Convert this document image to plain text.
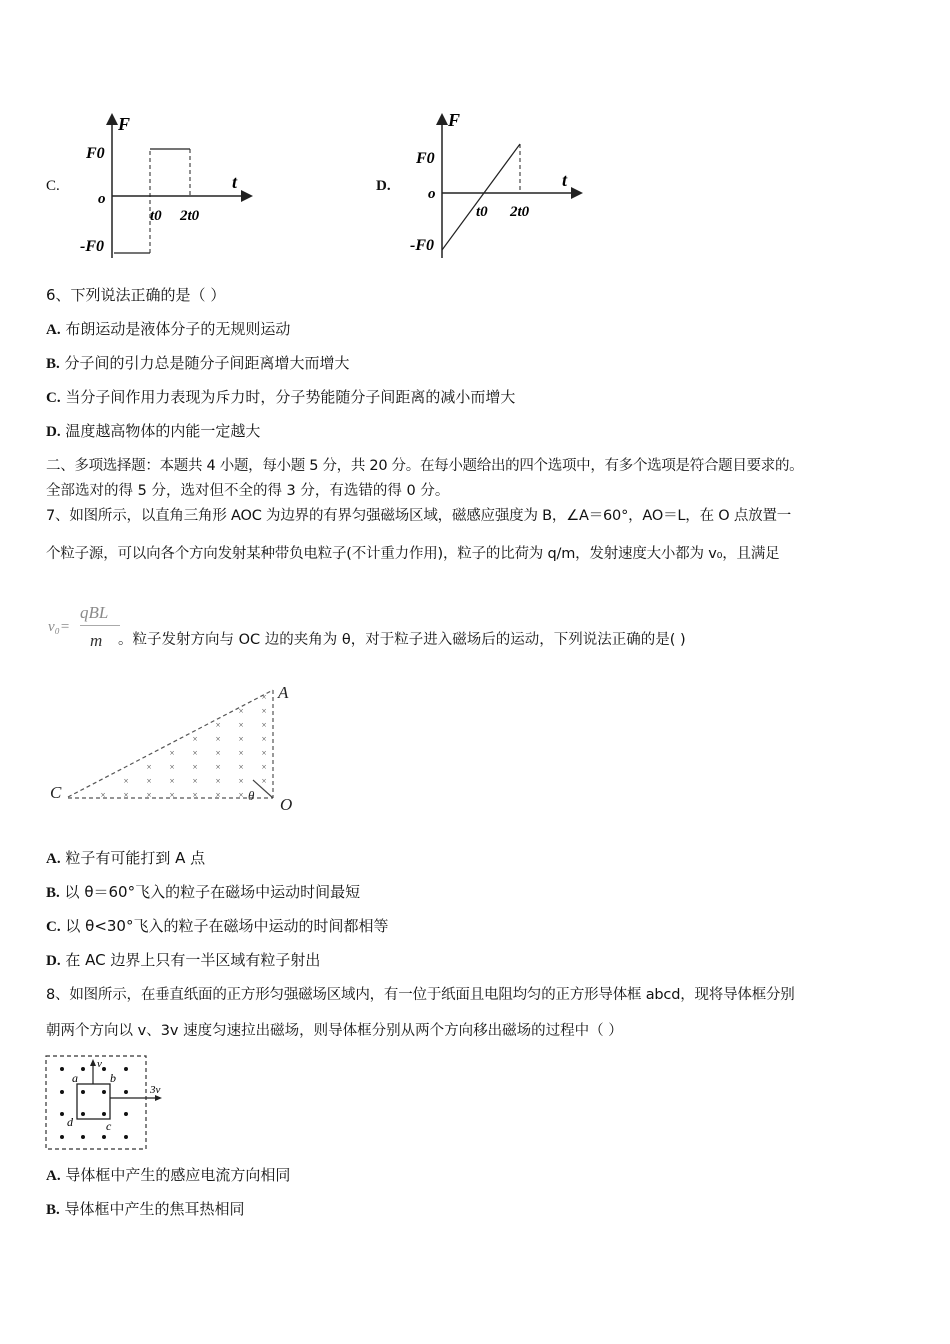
C.
F
F0
o
-F0
t
t0 2t0
D.
F
F0
o
-F0
t
t0 2t0
6、下列说法正确的是（ ）
A. 布朗运动是液体分子的无规则运动
B. 分子间的引力总是随分子间距离增大而增大
C. 当分子间作用力表现为斥力时，分子势能随分子间距离的减小而增大
D. 温度越高物体的内能一定越大
二、多项选择题：本题共 4 小题，每小题 5 分，共 20 分。在每小题给出的四个选项中，有多个选项是符合题目要求的。
全部选对的得 5 分，选对但不全的得 3 分，有选错的得 0 分。
7、如图所示，以直角三角形 AOC 为边界的有界匀强磁场区域，磁感应强度为 B，∠A＝60°，AO＝L，在 O 点放置一
个粒子源，可以向各个方向发射某种带负电粒子(不计重力作用)，粒子的比荷为 q/m，发射速度大小都为 v₀，且满足
v₀=
qBL
m 。粒子发射方向与 OC 边的夹角为 θ，对于粒子进入磁场后的运动，下列说法正确的是( )
× × × × × × ×
× × × × × × ×
× × × × × ×
× × × × ×
× × × ×
× × ×
× ×
× A
C
O
θ
A. 粒子有可能打到 A 点
B. 以 θ＝60°飞入的粒子在磁场中运动时间最短
C. 以 θ<30°飞入的粒子在磁场中运动的时间都相等
D. 在 AC 边界上只有一半区域有粒子射出
8、如图所示，在垂直纸面的正方形匀强磁场区域内，有一位于纸面且电阻均匀的正方形导体框 abcd，现将导体框分别
朝两个方向以 v、3v 速度匀速拉出磁场，则导体框分别从两个方向移出磁场的过程中（ ）
a	b
c
d
v
3v
A. 导体框中产生的感应电流方向相同
B. 导体框中产生的焦耳热相同
